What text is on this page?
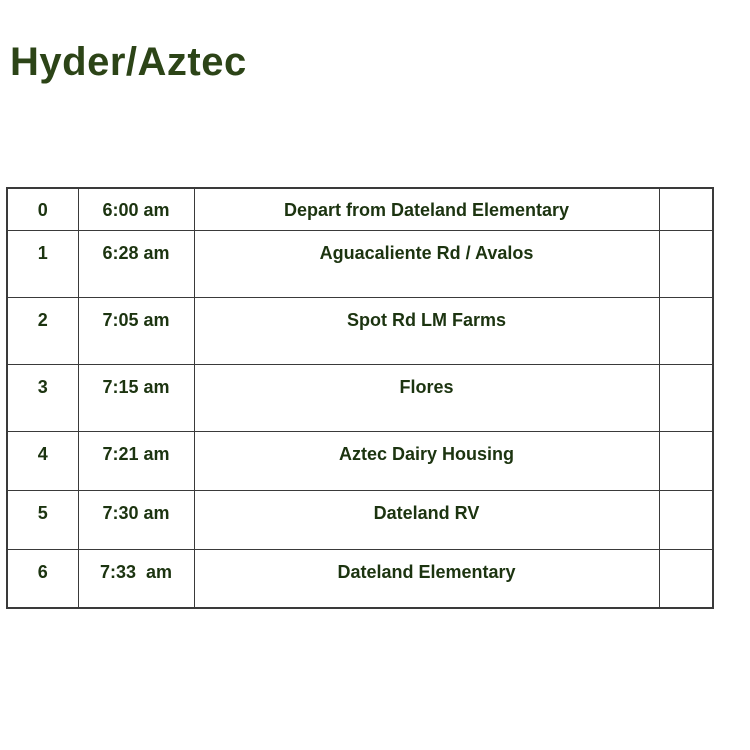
Hyder/Aztec
0	6:00 am	Depart from Dateland Elementary	
1	6:28 am	Aguacaliente Rd / Avalos	
2	7:05 am	Spot Rd LM Farms	
3	7:15 am	Flores	
4	7:21 am	Aztec Dairy Housing	
5	7:30 am	Dateland RV	
6	7:33  am	Dateland Elementary	
